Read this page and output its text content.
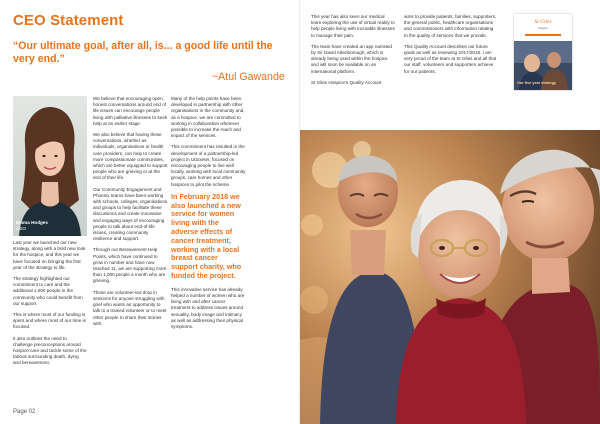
CEO Statement
“Our ultimate goal, after all, is... a good life until the very end.”
~Atul Gawande
Emma Hodges
CEO

Last year we launched our new strategy, along with a bold new look for the hospice, and this year we have focused on bringing the first year of the strategy to life.

The strategy highlighted our commitment to care and the additional 1,000 people in the community who could benefit from our support.

This is where most of our funding is spent and where most of our time is focused.

It also outlines the need to challenge preconceptions around hospice care and tackle some of the taboos surrounding death, dying and bereavement.

We believe that encouraging open, honest conversations around end of life issues can encourage people living with palliative illnesses to seek help at an earlier stage.

We also believe that having these conversations, whether as individuals, organisations or health care providers, can help to create more compassionate communities, which are better equipped to support people who are grieving or at the end of their life.

Our Community Engagement and Phoenix teams have been working with schools, colleges, organisations and groups to help facilitate these discussions and create innovative and engaging ways of encouraging people to talk about end-of-life issues, creating community resilience and support.

Through our Bereavement Help Points, which have continued to grow in number and have now reached 11, we are supporting more than 1,000 people a month who are grieving.

These are volunteer-led drop in sessions for anyone struggling with grief who wants an opportunity to talk to a trained volunteer or to meet other people to share their stories with.

Many of the help points have been developed in partnership with other organisations in the community and, as a hospice, we are committed to working in collaboration wherever possible to increase the reach and impact of the services.

This commitment has resulted in the development of a partnership-led project in Uttoxeter, focused on encouraging people to live well locally, working with local community groups, care homes and other hospices to pilot the scheme.

In February 2018 we also launched a new service for women living with the adverse effects of cancer treatment, working with a local breast cancer support charity, who funded the project.

This innovative service has already helped a number of women who are living with and after cancer treatment to address issues around sexuality, body image and intimacy as well as addressing their physical symptoms.

This year has also seen our medical team exploring the use of virtual reality to help people living with incurable illnesses to manage their pain.

The team have created an app narrated by Sir David Attenborough, which is already being used within the hospice and will soon be available on an international platform.

St Giles Hospice’s Quality Account

aims to provide patients, families, supporters, the general public, healthcare organisations and commissioners with information relating to the quality of services that we provide.

This Quality Account describes our future goals as well as reviewing 2017/2018. I am very proud of the team at St Giles and all that our staff, volunteers and supporters achieve for our patients.

St Giles
Hospice
Our five year strategy
Page 02
